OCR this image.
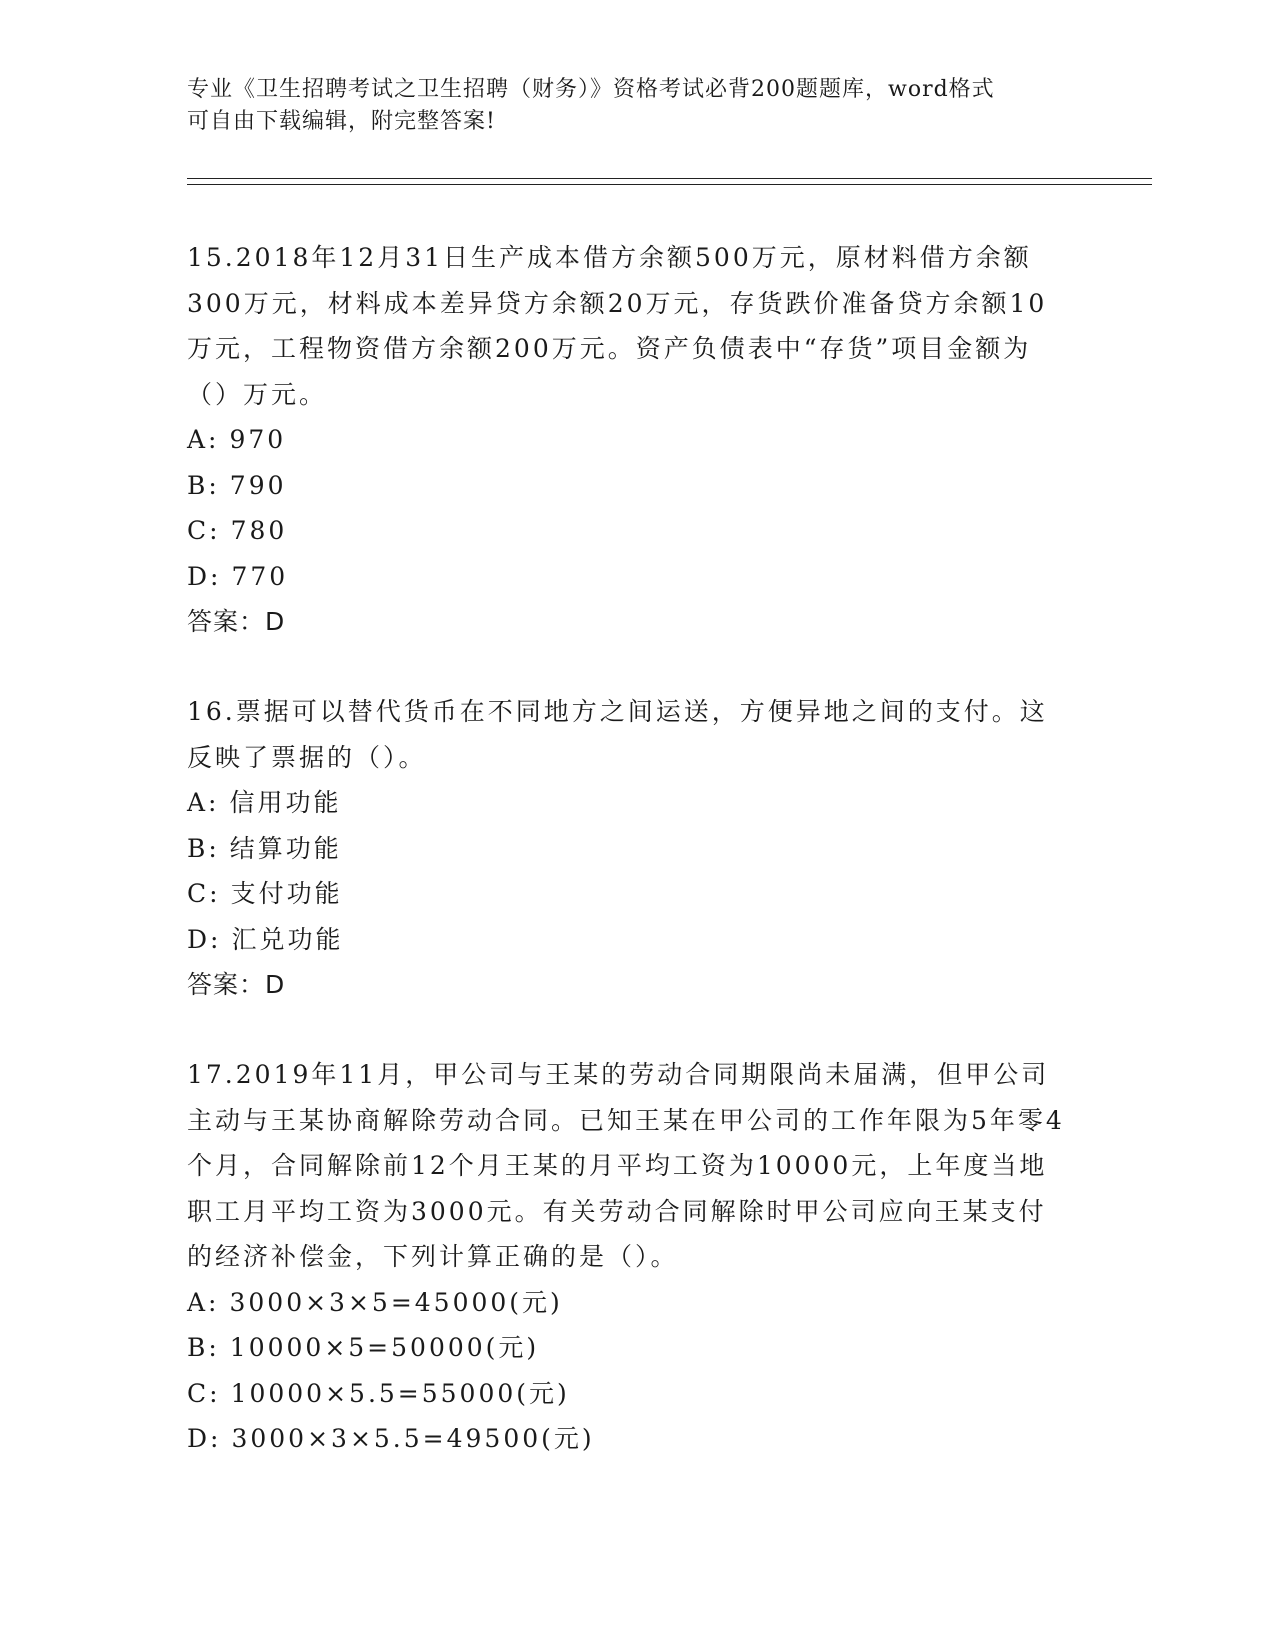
专业《卫生招聘考试之卫生招聘（财务）》资格考试必背200题题库，word格式

可自由下载编辑，附完整答案!

15.2018年12月31日生产成本借方余额500万元，原材料借方余额300万元，材料成本差异贷方余额20万元，存货跌价准备贷方余额10万元，工程物资借方余额200万元。资产负债表中“存货”项目金额为（）万元。

A: 970

B: 790

C: 780

D: 770

答案：D

16.票据可以替代货币在不同地方之间运送，方便异地之间的支付。这反映了票据的（）。

A: 信用功能

B: 结算功能

C: 支付功能

D: 汇兑功能

答案：D

17.2019年11月，甲公司与王某的劳动合同期限尚未届满，但甲公司主动与王某协商解除劳动合同。已知王某在甲公司的工作年限为5年零4个月，合同解除前12个月王某的月平均工资为10000元，上年度当地职工月平均工资为3000元。有关劳动合同解除时甲公司应向王某支付的经济补偿金，下列计算正确的是（）。

A: 3000×3×5=45000(元)

B: 10000×5=50000(元)

C: 10000×5.5=55000(元)

D: 3000×3×5.5=49500(元)
